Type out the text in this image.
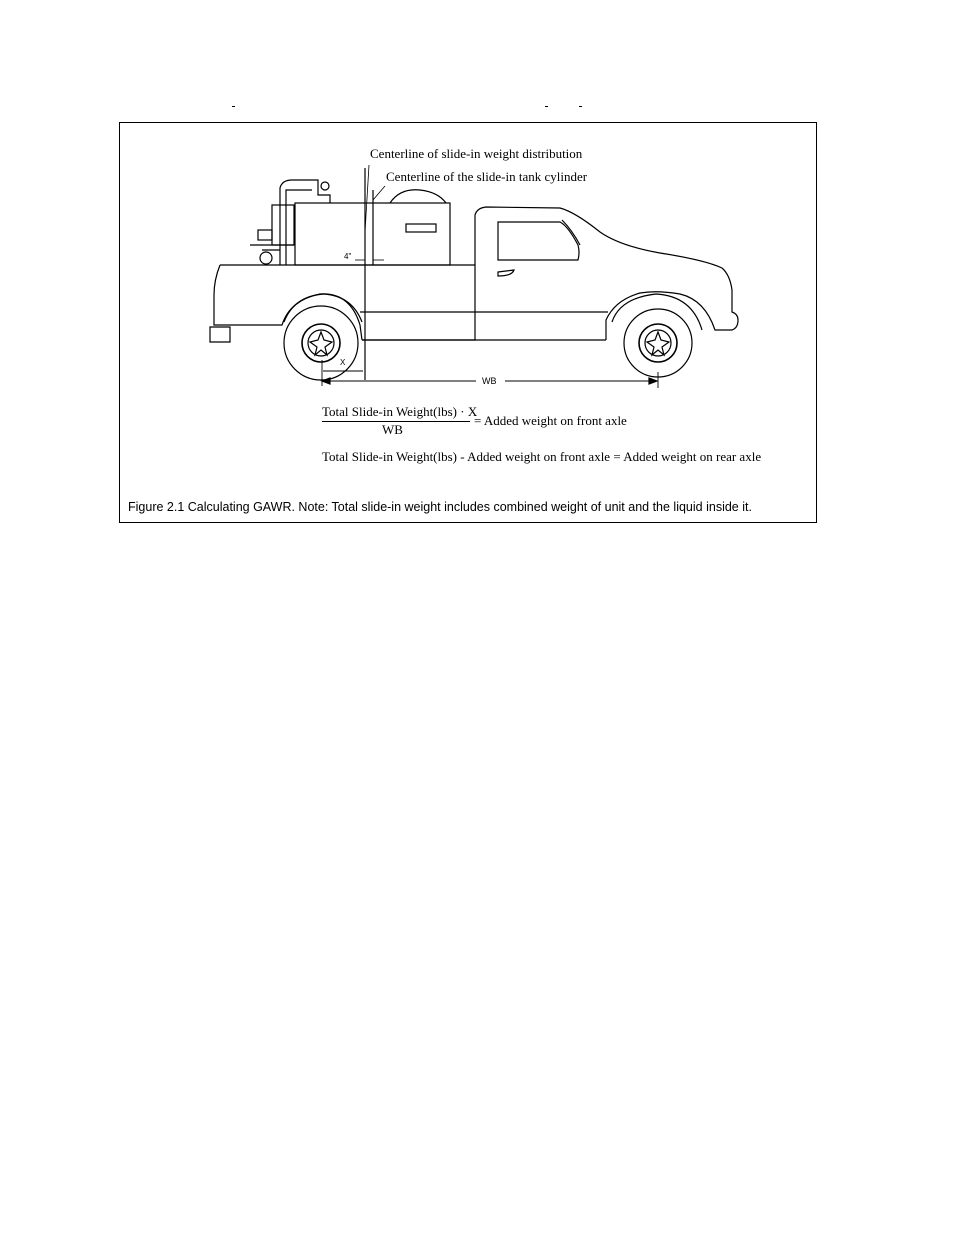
Centerline of slide-in weight distribution
Centerline of the slide-in tank cylinder
4"
X
WB
Total Slide-in Weight(lbs) · X
WB
= Added weight on front axle
Total Slide-in Weight(lbs) - Added weight on front axle = Added weight on rear axle
Figure 2.1 Calculating GAWR. Note: Total slide-in weight includes combined weight of unit and the liquid inside it.
